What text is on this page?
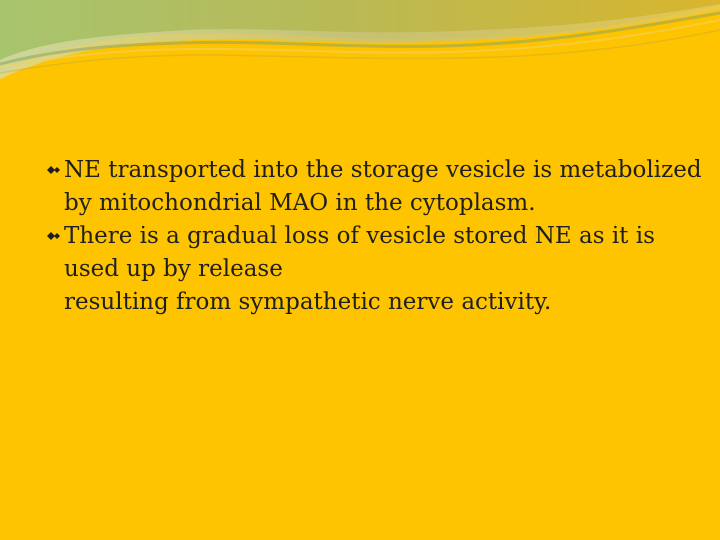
NE transported into the storage vesicle is metabolized
by mitochondrial MAO in the cytoplasm.
There is a gradual loss of vesicle stored NE as it is
used up by release
resulting from sympathetic nerve activity.
